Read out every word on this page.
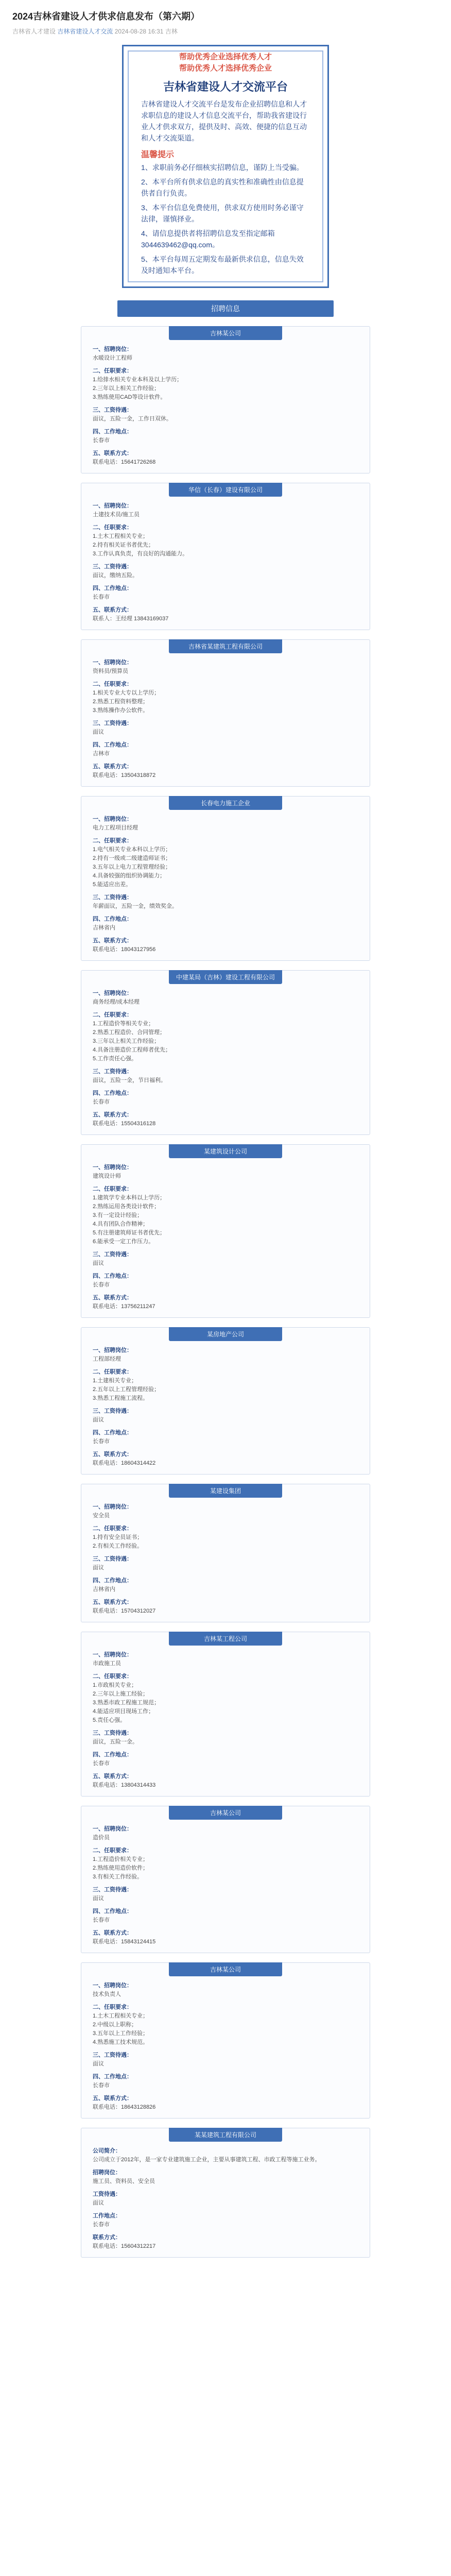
2024吉林省建设人才供求信息发布（第六期）
吉林省人才建设 吉林省建设人才交流 2024-08-28 16:31 吉林
帮助优秀企业选择优秀人才
帮助优秀人才选择优秀企业
吉林省建设人才交流平台
吉林省建设人才交流平台是发布企业招聘信息和人才求职信息的建设人才信息交流平台，帮助我省建设行业人才供求双方，提供及时、高效、便捷的信息互动和人才交流渠道。
温馨提示

1、求职前务必仔细核实招聘信息，谨防上当受骗。

2、本平台所有供求信息的真实性和准确性由信息提供者自行负责。

3、本平台信息免费使用，供求双方使用时务必谨守法律，谨慎择业。

4、请信息提供者将招聘信息发至指定邮箱3044639462@qq.com。

5、本平台每周五定期发布最新供求信息，信息失效及时通知本平台。

招聘信息
吉林某公司
一、招聘岗位：
水暖设计工程师
二、任职要求：
1.给排水相关专业本科及以上学历；
2.三年以上相关工作经验；
3.熟练使用CAD等设计软件。
三、工资待遇：
面议，五险一金，工作日双休。
四、工作地点：
长春市
五、联系方式：
联系电话：15641726268
华信（长春）建设有限公司
一、招聘岗位：
土建技术员/施工员
二、任职要求：
1.土木工程相关专业；
2.持有相关证书者优先；
3.工作认真负责，有良好的沟通能力。
三、工资待遇：
面议，缴纳五险。
四、工作地点：
长春市
五、联系方式：
联系人：王经理 13843169037
吉林省某建筑工程有限公司
一、招聘岗位：
资料员/预算员
二、任职要求：
1.相关专业大专以上学历；
2.熟悉工程资料整理；
3.熟练操作办公软件。
三、工资待遇：
面议
四、工作地点：
吉林市
五、联系方式：
联系电话：13504318872
长春电力施工企业
一、招聘岗位：
电力工程项目经理
二、任职要求：
1.电气相关专业本科以上学历；
2.持有一级或二级建造师证书；
3.五年以上电力工程管理经验；
4.具备较强的组织协调能力；
5.能适应出差。
三、工资待遇：
年薪面议，五险一金，绩效奖金。
四、工作地点：
吉林省内
五、联系方式：
联系电话：18043127956
中建某局（吉林）建设工程有限公司
一、招聘岗位：
商务经理/成本经理
二、任职要求：
1.工程造价等相关专业；
2.熟悉工程造价、合同管理；
3.三年以上相关工作经验；
4.具备注册造价工程师者优先；
5.工作责任心强。
三、工资待遇：
面议，五险一金，节日福利。
四、工作地点：
长春市
五、联系方式：
联系电话：15504316128
某建筑设计公司
一、招聘岗位：
建筑设计师
二、任职要求：
1.建筑学专业本科以上学历；
2.熟练运用各类设计软件；
3.有一定设计经验；
4.具有团队合作精神；
5.有注册建筑师证书者优先；
6.能承受一定工作压力。
三、工资待遇：
面议
四、工作地点：
长春市
五、联系方式：
联系电话：13756211247
某房地产公司
一、招聘岗位：
工程部经理
二、任职要求：
1.土建相关专业；
2.五年以上工程管理经验；
3.熟悉工程施工流程。
三、工资待遇：
面议
四、工作地点：
长春市
五、联系方式：
联系电话：18604314422
某建设集团
一、招聘岗位：
安全员
二、任职要求：
1.持有安全员证书；
2.有相关工作经验。
三、工资待遇：
面议
四、工作地点：
吉林省内
五、联系方式：
联系电话：15704312027
吉林某工程公司
一、招聘岗位：
市政施工员
二、任职要求：
1.市政相关专业；
2.三年以上施工经验；
3.熟悉市政工程施工规范；
4.能适应项目现场工作；
5.责任心强。
三、工资待遇：
面议，五险一金。
四、工作地点：
长春市
五、联系方式：
联系电话：13804314433
吉林某公司
一、招聘岗位：
造价员
二、任职要求：
1.工程造价相关专业；
2.熟练使用造价软件；
3.有相关工作经验。
三、工资待遇：
面议
四、工作地点：
长春市
五、联系方式：
联系电话：15843124415
吉林某公司
一、招聘岗位：
技术负责人
二、任职要求：
1.土木工程相关专业；
2.中级以上职称；
3.五年以上工作经验；
4.熟悉施工技术规范。
三、工资待遇：
面议
四、工作地点：
长春市
五、联系方式：
联系电话：18643128826
某某建筑工程有限公司
公司简介：
公司成立于2012年，是一家专业建筑施工企业，主要从事建筑工程、市政工程等施工业务。
招聘岗位：
施工员、资料员、安全员
工资待遇：
面议
工作地点：
长春市
联系方式：
联系电话：15604312217
